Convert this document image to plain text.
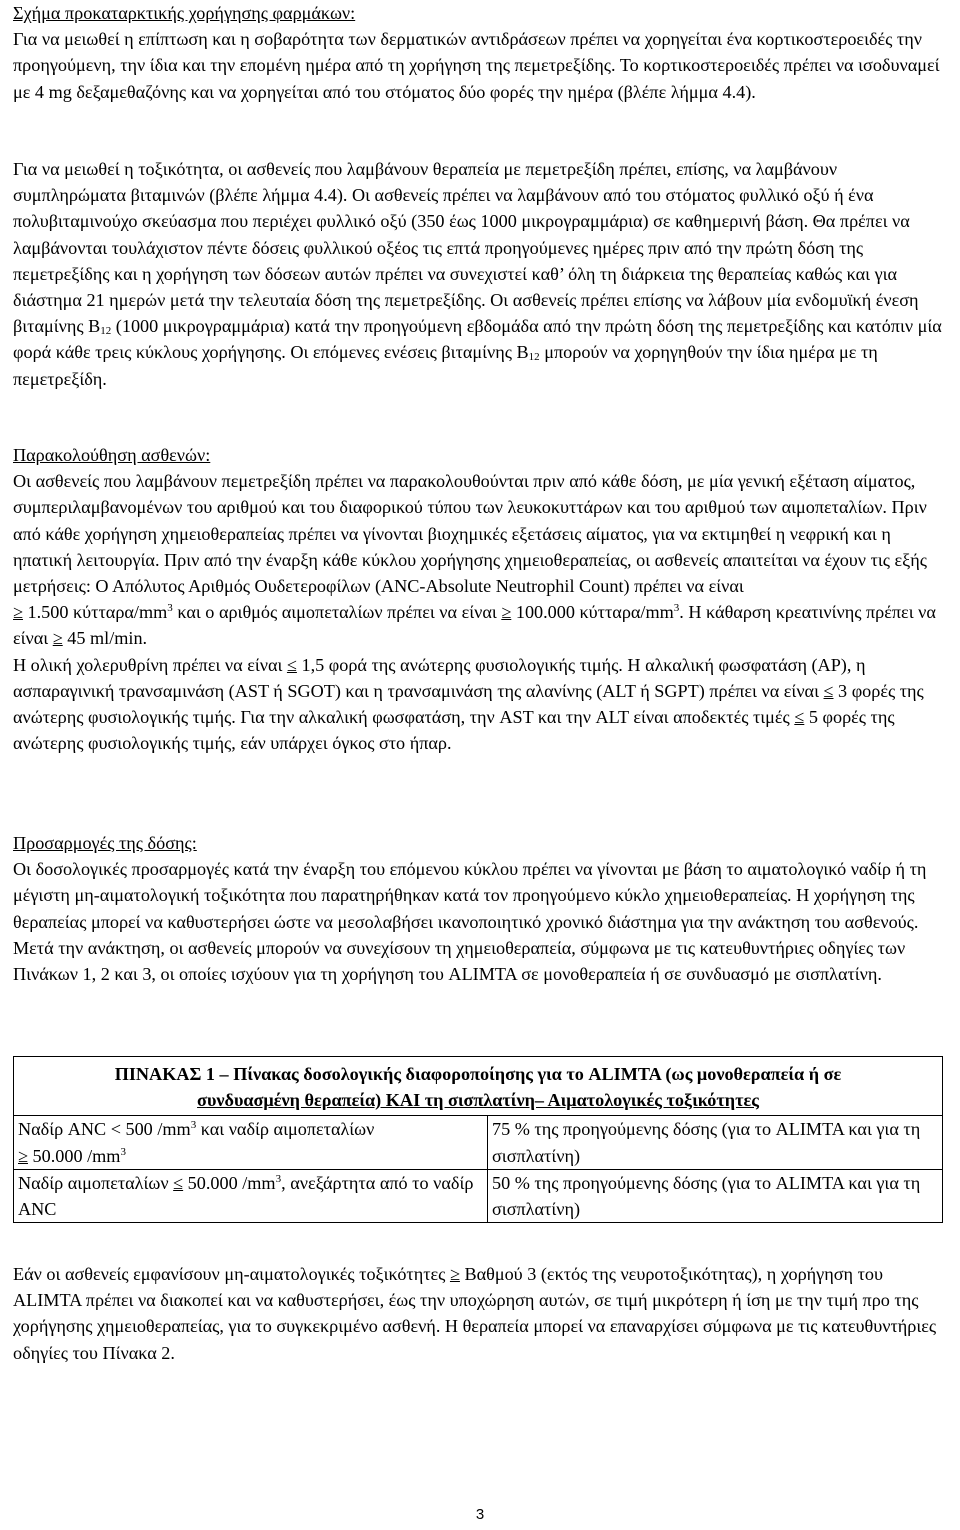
Σχήμα προκαταρκτικής χορήγησης φαρμάκων:

Για να μειωθεί η επίπτωση και η σοβαρότητα των δερματικών αντιδράσεων πρέπει να χορηγείται ένα κορτικοστεροειδές την προηγούμενη, την ίδια και την επομένη ημέρα από τη χορήγηση της πεμετρεξίδης. Το κορτικοστεροειδές πρέπει να ισοδυναμεί με 4 mg δεξαμεθαζόνης και να χορηγείται από του στόματος δύο φορές την ημέρα (βλέπε λήμμα 4.4).

Για να μειωθεί η τοξικότητα, οι ασθενείς που λαμβάνουν θεραπεία με πεμετρεξίδη πρέπει, επίσης, να λαμβάνουν συμπληρώματα βιταμινών (βλέπε λήμμα 4.4). Οι ασθενείς πρέπει να λαμβάνουν από του στόματος φυλλικό οξύ ή ένα πολυβιταμινούχο σκεύασμα που περιέχει φυλλικό οξύ (350 έως 1000 μικρογραμμάρια) σε καθημερινή βάση. Θα πρέπει να λαμβάνονται τουλάχιστον πέντε δόσεις φυλλικού οξέος τις επτά προηγούμενες ημέρες πριν από την πρώτη δόση της πεμετρεξίδης και η χορήγηση των δόσεων αυτών πρέπει να συνεχιστεί καθ’ όλη τη διάρκεια της θεραπείας καθώς και για διάστημα 21 ημερών μετά την τελευταία δόση της πεμετρεξίδης. Οι ασθενείς πρέπει επίσης να λάβουν μία ενδομυϊκή ένεση βιταμίνης $B_{12}$ (1000 μικρογραμμάρια) κατά την προηγούμενη εβδομάδα από την πρώτη δόση της πεμετρεξίδης και κατόπιν μία φορά κάθε τρεις κύκλους χορήγησης. Οι επόμενες ενέσεις βιταμίνης $B_{12}$ μπορούν να χορηγηθούν την ίδια ημέρα με τη πεμετρεξίδη.

Παρακολούθηση ασθενών:

Οι ασθενείς που λαμβάνουν πεμετρεξίδη πρέπει να παρακολουθούνται πριν από κάθε δόση, με μία γενική εξέταση αίματος, συμπεριλαμβανομένων του αριθμού και του διαφορικού τύπου των λευκοκυττάρων και του αριθμού των αιμοπεταλίων. Πριν από κάθε χορήγηση χημειοθεραπείας πρέπει να γίνονται βιοχημικές εξετάσεις αίματος, για να εκτιμηθεί η νεφρική και η ηπατική λειτουργία. Πριν από την έναρξη κάθε κύκλου χορήγησης χημειοθεραπείας, οι ασθενείς απαιτείται να έχουν τις εξής μετρήσεις: Ο Απόλυτος Αριθμός Ουδετεροφίλων (ANC-Absolute Neutrophil Count) πρέπει να είναι
≥ 1.500 κύτταρα/$mm^3$ και ο αριθμός αιμοπεταλίων πρέπει να είναι ≥ 100.000 κύτταρα/$mm^3$. Η κάθαρση κρεατινίνης πρέπει να είναι ≥ 45 ml/min.

Η ολική χολερυθρίνη πρέπει να είναι ≤ 1,5 φορά της ανώτερης φυσιολογικής τιμής. Η αλκαλική φωσφατάση (ΑΡ), η ασπαραγινική τρανσαμινάση (AST ή SGOT) και η τρανσαμινάση της αλανίνης (ALT ή SGPT) πρέπει να είναι ≤ 3 φορές της ανώτερης φυσιολογικής τιμής. Για την αλκαλική φωσφατάση, την AST και την ALT είναι αποδεκτές τιμές ≤ 5 φορές της ανώτερης φυσιολογικής τιμής, εάν υπάρχει όγκος στο ήπαρ.

Προσαρμογές της δόσης:

Οι δοσολογικές προσαρμογές κατά την έναρξη του επόμενου κύκλου πρέπει να γίνονται με βάση το αιματολογικό ναδίρ ή τη μέγιστη μη-αιματολογική τοξικότητα που παρατηρήθηκαν κατά τον προηγούμενο κύκλο χημειοθεραπείας. Η χορήγηση της θεραπείας μπορεί να καθυστερήσει ώστε να μεσολαβήσει ικανοποιητικό χρονικό διάστημα για την ανάκτηση του ασθενούς. Μετά την ανάκτηση, οι ασθενείς μπορούν να συνεχίσουν τη χημειοθεραπεία, σύμφωνα με τις κατευθυντήριες οδηγίες των Πινάκων 1, 2 και 3, οι οποίες ισχύουν για τη χορήγηση του ALIMTA σε μονοθεραπεία ή σε συνδυασμό με σισπλατίνη.

ΠΙΝΑΚΑΣ 1 – Πίνακας δοσολογικής διαφοροποίησης για το ALIMTA (ως μονοθεραπεία ή σε
συνδυασμένη θεραπεία) ΚΑΙ τη σισπλατίνη– Αιματολογικές τοξικότητες	
Ναδίρ ANC < 500 $/mm^3$ και ναδίρ αιμοπεταλίων
≥ 50.000 $/mm^3$	75 % της προηγούμενης δόσης (για το ALIMTA και για τη σισπλατίνη)
Ναδίρ αιμοπεταλίων ≤ 50.000 $/mm^3$, ανεξάρτητα από το ναδίρ ANC	50 % της προηγούμενης δόσης (για το ALIMTA και για τη σισπλατίνη)

Εάν οι ασθενείς εμφανίσουν μη-αιματολογικές τοξικότητες ≥ Βαθμού 3 (εκτός της νευροτοξικότητας), η χορήγηση του ALIMTA πρέπει να διακοπεί και να καθυστερήσει, έως την υποχώρηση αυτών, σε τιμή μικρότερη ή ίση με την τιμή προ της χορήγησης χημειοθεραπείας, για το συγκεκριμένο ασθενή. Η θεραπεία μπορεί να επαναρχίσει σύμφωνα με τις κατευθυντήριες οδηγίες του Πίνακα 2.

3
